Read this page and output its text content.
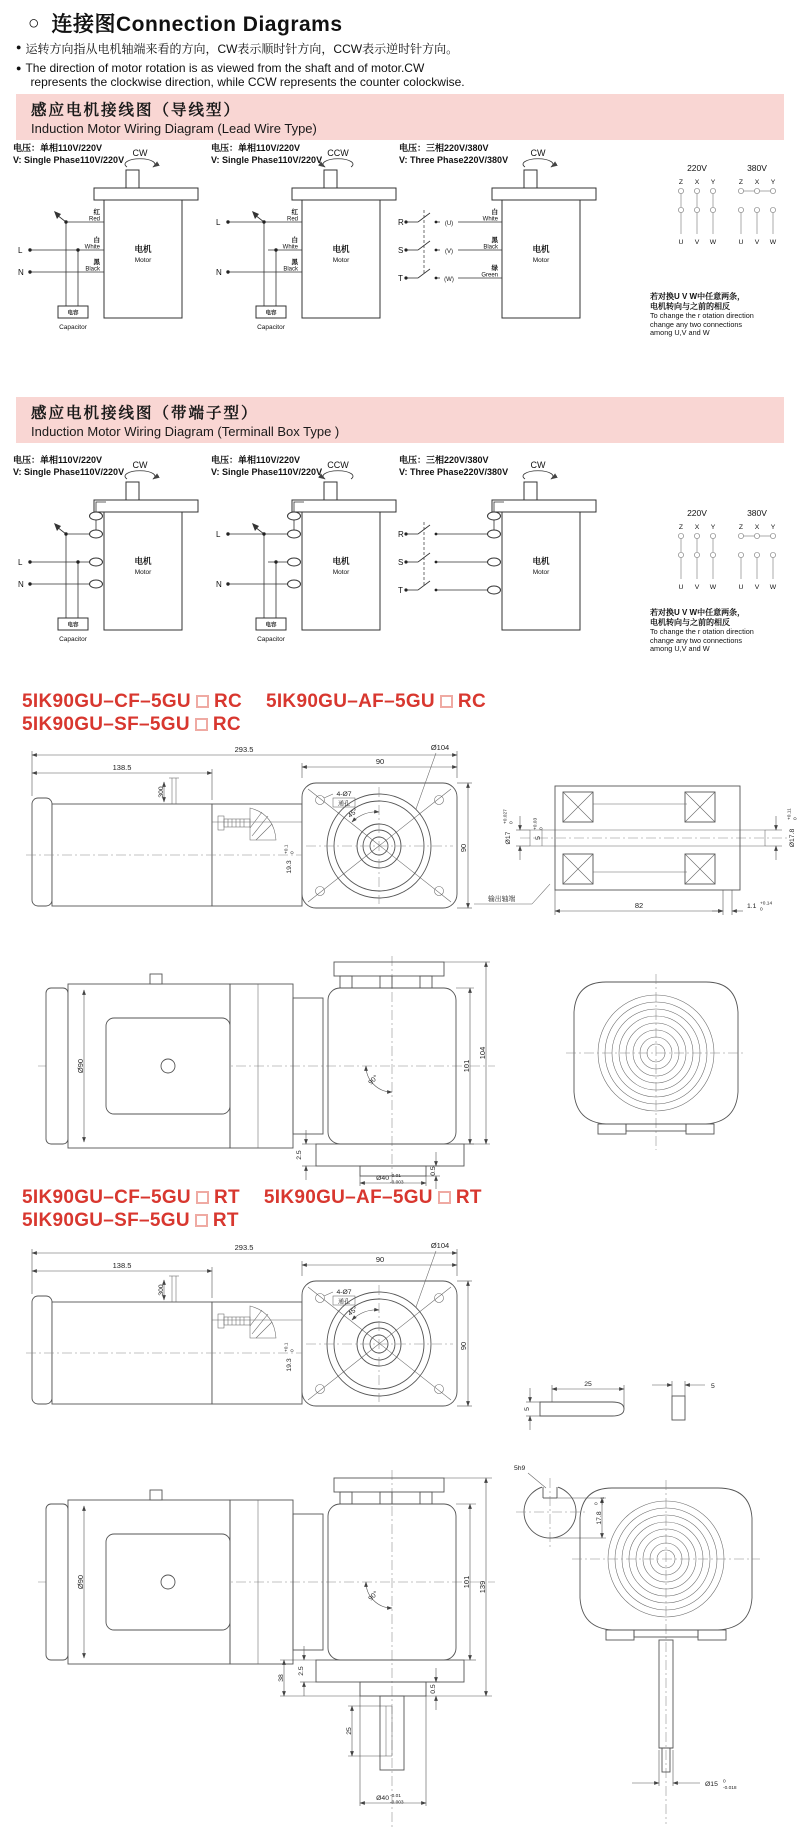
○ 连接图Connection Diagrams
● 运转方向指从电机轴端来看的方向，CW表示顺时针方向，CCW表示逆时针方向。
● The direction of motor rotation is as viewed from the shaft and of motor.CW
represents the clockwise direction, while CCW represents the counter colockwise.
感应电机接线图（导线型）
Induction Motor Wiring Diagram (Lead Wire Type)
电压：单相110V/220V
V: Single Phase110V/220V
CW
电机
Motor
L
N
红
Red
白
White
黑
Black
电容
Capacitor
电压：单相110V/220V
V: Single Phase110V/220V
CCW
电机
Motor
L
N
红
Red
白
White
黑
Black
电容
Capacitor
电压：三相220V/380V
V: Three Phase220V/380V
CW
电机
Motor
R
S
T
(U)
(V)
(W)
白
White
黑
Black
绿
Green
220V	380V
Z X Y
U V W
Z X Y
U V W
若对换U V W中任意两条，
电机转向与之前的相反
To change the r otation direction
change any two connections
among U,V and W
感应电机接线图（带端子型）
Induction Motor Wiring Diagram (Terminall Box Type )
电压：单相110V/220V
V: Single Phase110V/220V
CW
电机
Motor
L
N
电容
Capacitor
电压：单相110V/220V
V: Single Phase110V/220V
CCW
电机
Motor
L
N
电容
Capacitor
电压：三相220V/380V
V: Three Phase220V/380V
CW
电机
Motor
R
S
T
220V	380V
Z X Y
U V W
Z X Y
U V W
若对换U V W中任意两条，
电机转向与之前的相反
To change the r otation direction
change any two connections
among U,V and W
5IK90GU–CF–5GU RC 5IK90GU–AF–5GU RC
5IK90GU–SF–5GU RC
293.5
138.5
90
300
45°
4-Ø7
通孔
Ø104
19.3
+0.1 0
90
Ø17
+0.027 0
5
+0.03 0
Ø17.8
+0.11 0
输出轴端
82	1.1 +0.14
0
Ø90
90°
101
104
2.5
Ø40 -0.01
-0.003
0.5
5IK90GU–CF–5GU RT 5IK90GU–AF–5GU RT
5IK90GU–SF–5GU RT
293.5
138.5
90
300
45°
4-Ø7
通孔
Ø104
19.3
+0.1 0
90
5
25	5
5h9
17.8
0 -0.1
Ø90
90°
38
2.5
25
Ø40 -0.01
-0.003
0.5
101 139
Ø15 0
-0.018
